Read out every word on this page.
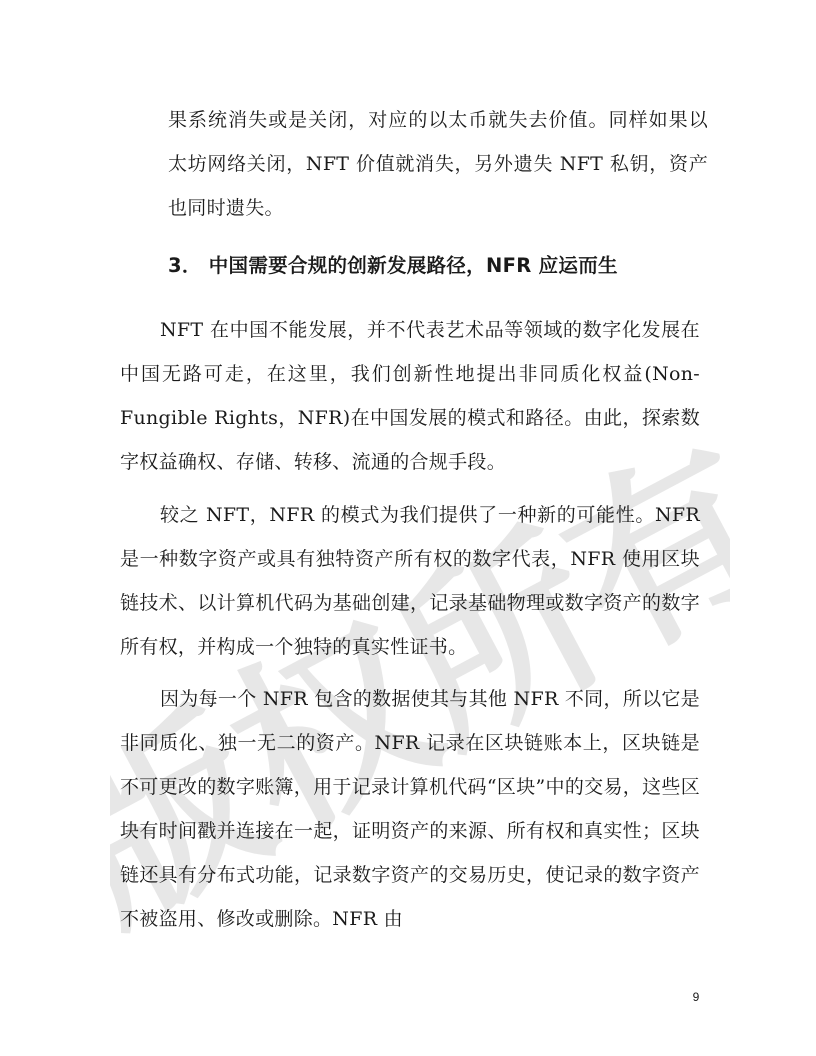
版权所有

果系统消失或是关闭，对应的以太币就失去价值。同样如果以太坊网络关闭，NFT 价值就消失，另外遗失 NFT 私钥，资产也同时遗失。

3． 中国需要合规的创新发展路径，NFR 应运而生

NFT 在中国不能发展，并不代表艺术品等领域的数字化发展在中国无路可走，在这里，我们创新性地提出非同质化权益(Non-Fungible Rights，NFR)在中国发展的模式和路径。由此，探索数字权益确权、存储、转移、流通的合规手段。

较之 NFT，NFR 的模式为我们提供了一种新的可能性。NFR 是一种数字资产或具有独特资产所有权的数字代表，NFR 使用区块链技术、以计算机代码为基础创建，记录基础物理或数字资产的数字所有权，并构成一个独特的真实性证书。

因为每一个 NFR 包含的数据使其与其他 NFR 不同，所以它是非同质化、独一无二的资产。NFR 记录在区块链账本上，区块链是不可更改的数字账簿，用于记录计算机代码“区块”中的交易，这些区块有时间戳并连接在一起，证明资产的来源、所有权和真实性；区块链还具有分布式功能，记录数字资产的交易历史，使记录的数字资产不被盗用、修改或删除。NFR 由

9
